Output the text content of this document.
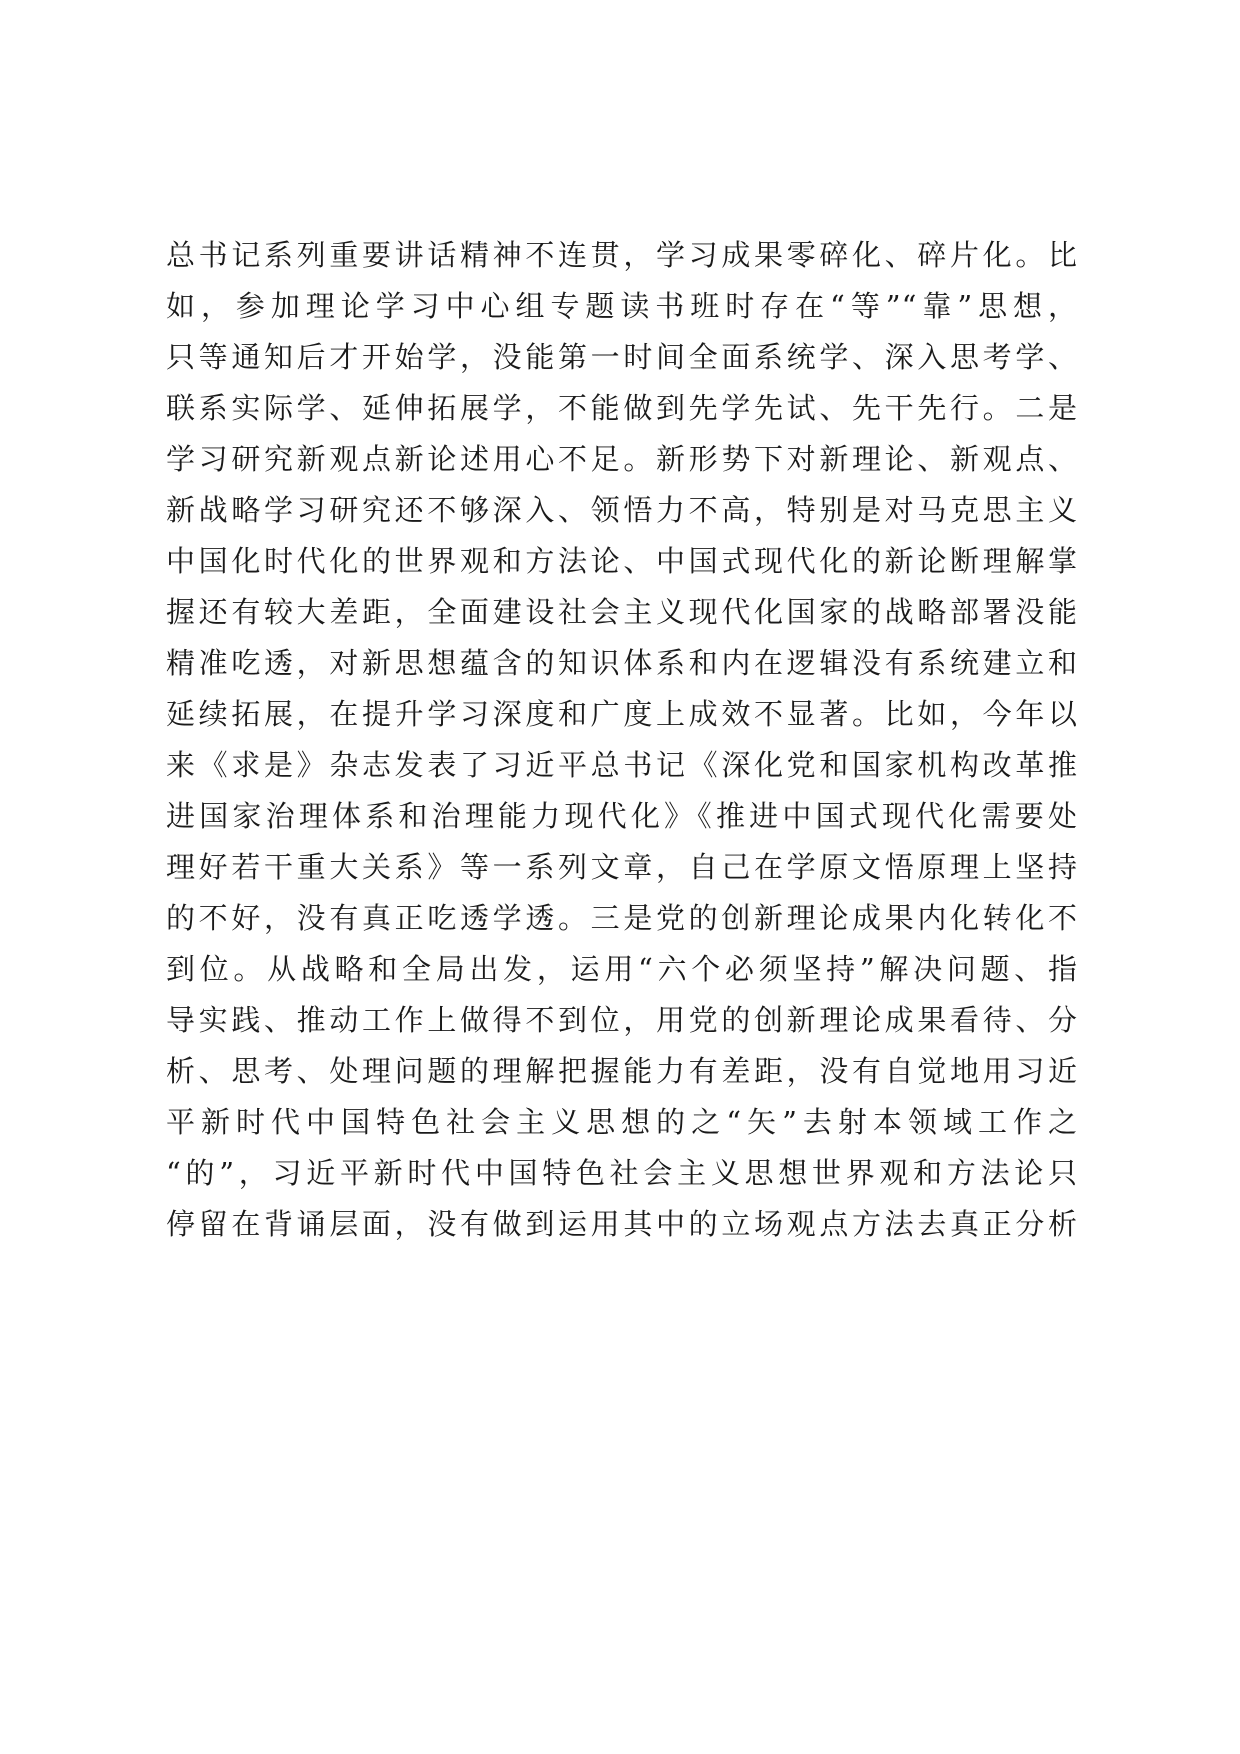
总书记系列重要讲话精神不连贯，学习成果零碎化、碎片化。比
如，参加理论学习中心组专题读书班时存在“等”“靠”思想，
只等通知后才开始学，没能第一时间全面系统学、深入思考学、
联系实际学、延伸拓展学，不能做到先学先试、先干先行。二是
学习研究新观点新论述用心不足。新形势下对新理论、新观点、
新战略学习研究还不够深入、领悟力不高，特别是对马克思主义
中国化时代化的世界观和方法论、中国式现代化的新论断理解掌
握还有较大差距，全面建设社会主义现代化国家的战略部署没能
精准吃透，对新思想蕴含的知识体系和内在逻辑没有系统建立和
延续拓展，在提升学习深度和广度上成效不显著。比如，今年以
来《求是》杂志发表了习近平总书记《深化党和国家机构改革推
进国家治理体系和治理能力现代化》《推进中国式现代化需要处
理好若干重大关系》等一系列文章，自己在学原文悟原理上坚持
的不好，没有真正吃透学透。三是党的创新理论成果内化转化不
到位。从战略和全局出发，运用“六个必须坚持”解决问题、指
导实践、推动工作上做得不到位，用党的创新理论成果看待、分
析、思考、处理问题的理解把握能力有差距，没有自觉地用习近
平新时代中国特色社会主义思想的之“矢”去射本领域工作之
“的”，习近平新时代中国特色社会主义思想世界观和方法论只
停留在背诵层面，没有做到运用其中的立场观点方法去真正分析
